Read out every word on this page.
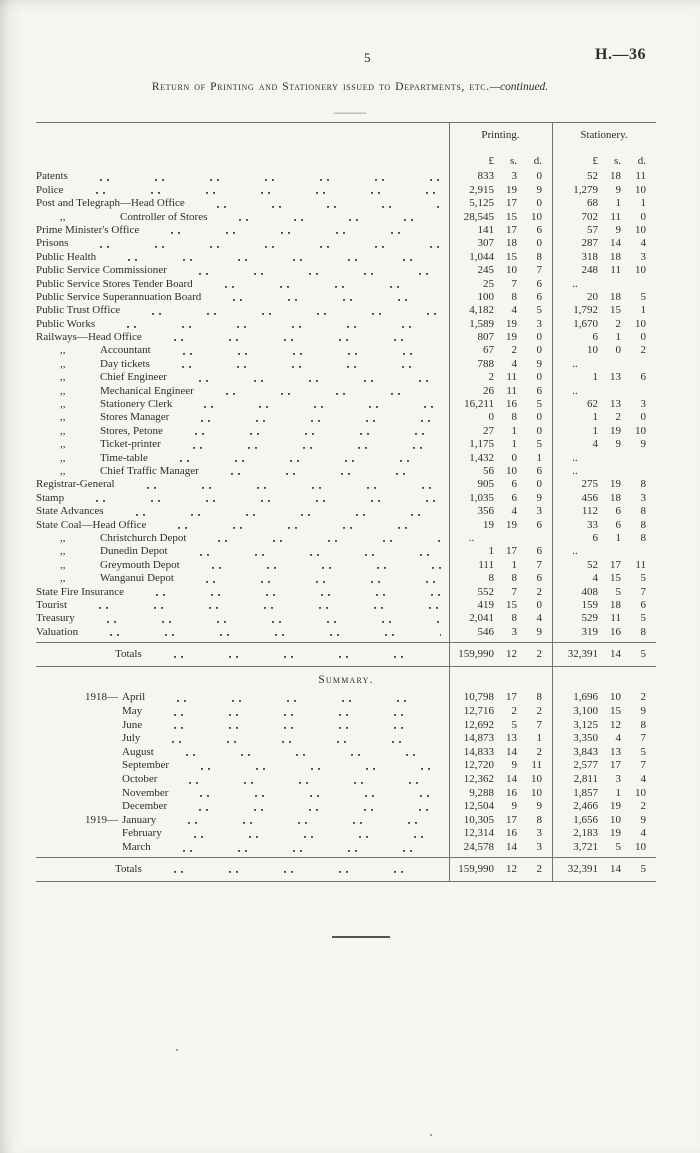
5	H.—36
Return of Printing and Stationery issued to Departments, etc.—continued.
—
Printing.	Stationery.
£	s.	d.	£	s.	d.
Patents	833	3	0	52	18	11
Police	2,915	19	9	1,279	9	10
Post and Telegraph—Head Office	5,125	17	0	68	1	1
,,	Controller of Stores	28,545	15	10	702	11	0
Prime Minister's Office	141	17	6	57	9	10
Prisons	307	18	0	287	14	4
Public Health	1,044	15	8	318	18	3
Public Service Commissioner	245	10	7	248	11	10
Public Service Stores Tender Board	25	7	6	..
Public Service Superannuation Board	100	8	6	20	18	5
Public Trust Office	4,182	4	5	1,792	15	1
Public Works	1,589	19	3	1,670	2	10
Railways—Head Office	807	19	0	6	1	0
,,	Accountant	67	2	0	10	0	2
,,	Day tickets	788	4	9	..
,,	Chief Engineer	2	11	0	1	13	6
,,	Mechanical Engineer	26	11	6	..
,,	Stationery Clerk	16,211	16	5	62	13	3
,,	Stores Manager	0	8	0	1	2	0
,,	Stores, Petone	27	1	0	1	19	10
,,	Ticket-printer	1,175	1	5	4	9	9
,,	Time-table	1,432	0	1	..
,,	Chief Traffic Manager	56	10	6	..
Registrar-General	905	6	0	275	19	8
Stamp	1,035	6	9	456	18	3
State Advances	356	4	3	112	6	8
State Coal—Head Office	19	19	6	33	6	8
,,	Christchurch Depot	..	6	1	8
,,	Dunedin Depot	1	17	6	..
,,	Greymouth Depot	111	1	7	52	17	11
,,	Wanganui Depot	8	8	6	4	15	5
State Fire Insurance	552	7	2	408	5	7
Tourist	419	15	0	159	18	6
Treasury	2,041	8	4	529	11	5
Valuation	546	3	9	319	16	8
Totals	159,990	12	2	32,391	14	5
Summary.
1918— April	10,798	17	8	1,696	10	2
May	12,716	2	2	3,100	15	9
June	12,692	5	7	3,125	12	8
July	14,873	13	1	3,350	4	7
August	14,833	14	2	3,843	13	5
September	12,720	9	11	2,577	17	7
October	12,362	14	10	2,811	3	4
November	9,288	16	10	1,857	1	10
December	12,504	9	9	2,466	19	2
1919— January	10,305	17	8	1,656	10	9
February	12,314	16	3	2,183	19	4
March	24,578	14	3	3,721	5	10
Totals	159,990	12	2	32,391	14	5
